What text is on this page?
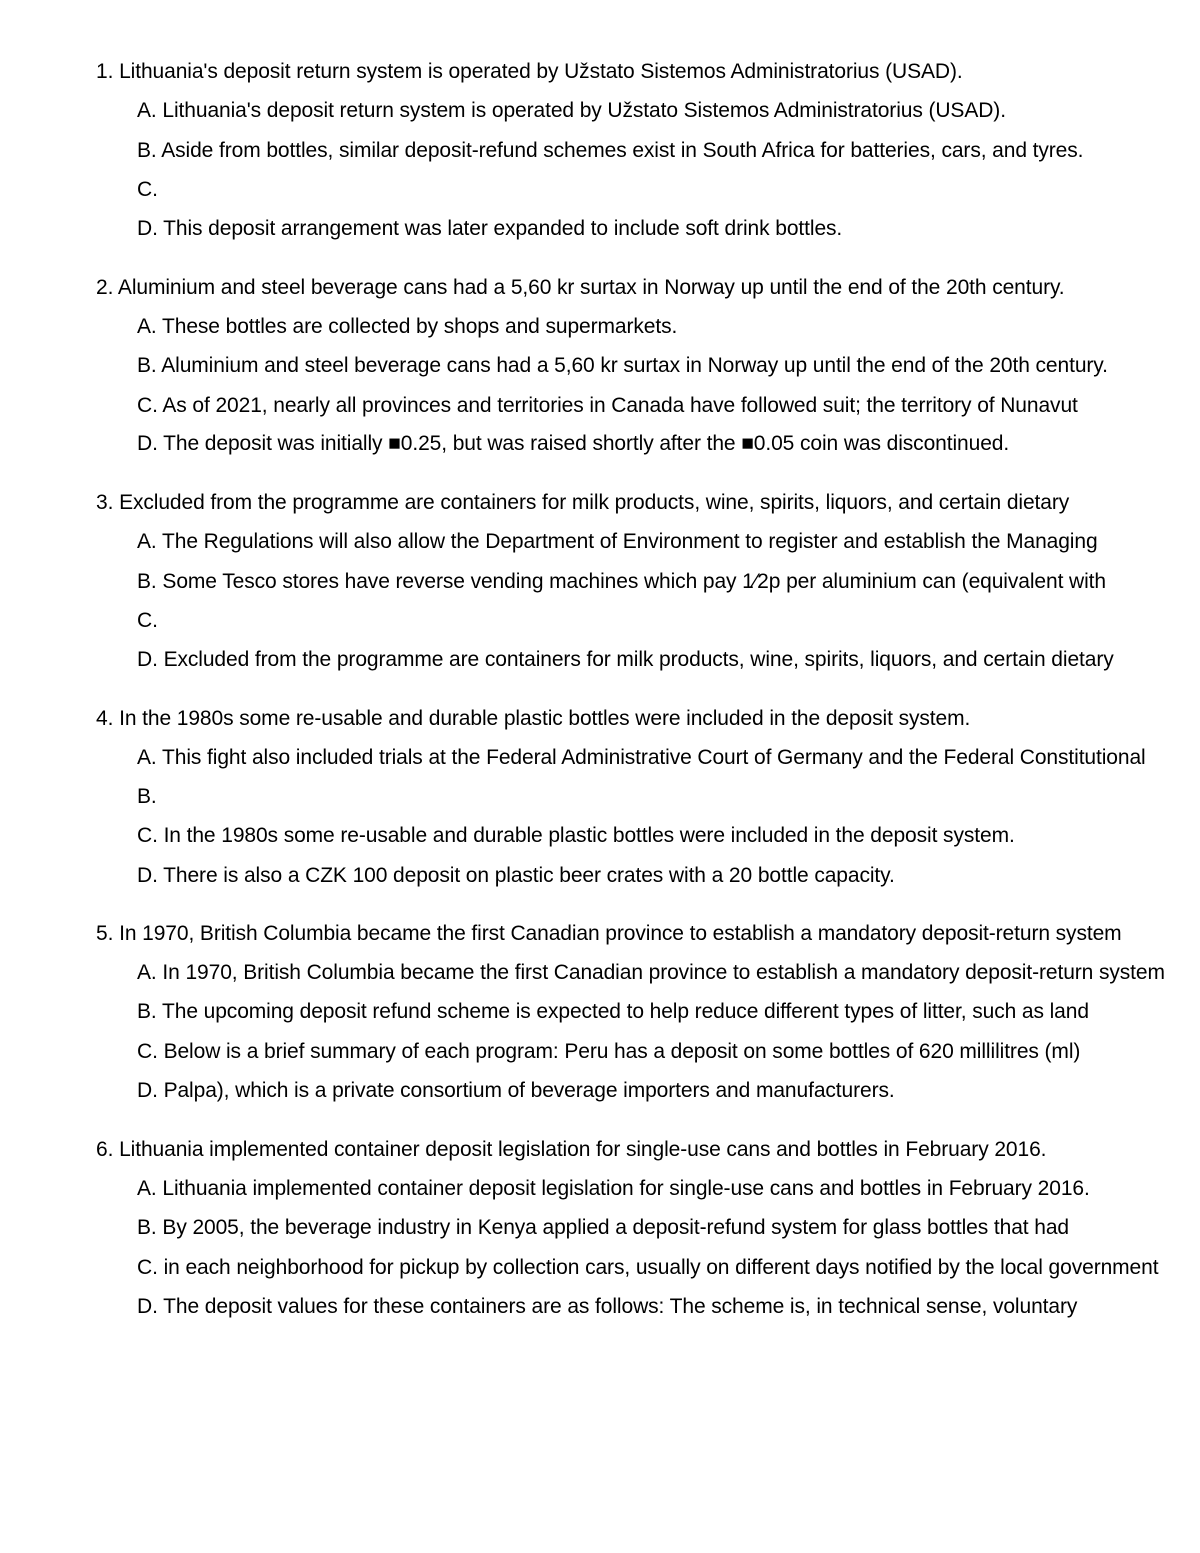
1. Lithuania's deposit return system is operated by Užstato Sistemos Administratorius (USAD).
A. Lithuania's deposit return system is operated by Užstato Sistemos Administratorius (USAD).
B. Aside from bottles, similar deposit-refund schemes exist in South Africa for batteries, cars, and tyres.
C.
D. This deposit arrangement was later expanded to include soft drink bottles.
2. Aluminium and steel beverage cans had a 5,60 kr surtax in Norway up until the end of the 20th century.
A. These bottles are collected by shops and supermarkets.
B. Aluminium and steel beverage cans had a 5,60 kr surtax in Norway up until the end of the 20th century.
C. As of 2021, nearly all provinces and territories in Canada have followed suit; the territory of Nunavut
D. The deposit was initially ■0.25, but was raised shortly after the ■0.05 coin was discontinued.
3. Excluded from the programme are containers for milk products, wine, spirits, liquors, and certain dietary
A. The Regulations will also allow the Department of Environment to register and establish the Managing
B. Some Tesco stores have reverse vending machines which pay 1⁄2p per aluminium can (equivalent with
C.
D. Excluded from the programme are containers for milk products, wine, spirits, liquors, and certain dietary
4. In the 1980s some re-usable and durable plastic bottles were included in the deposit system.
A. This fight also included trials at the Federal Administrative Court of Germany and the Federal Constitutional
B.
C. In the 1980s some re-usable and durable plastic bottles were included in the deposit system.
D. There is also a CZK 100 deposit on plastic beer crates with a 20 bottle capacity.
5. In 1970, British Columbia became the first Canadian province to establish a mandatory deposit-return system
A. In 1970, British Columbia became the first Canadian province to establish a mandatory deposit-return system
B. The upcoming deposit refund scheme is expected to help reduce different types of litter, such as land
C. Below is a brief summary of each program: Peru has a deposit on some bottles of 620 millilitres (ml)
D. Palpa), which is a private consortium of beverage importers and manufacturers.
6. Lithuania implemented container deposit legislation for single-use cans and bottles in February 2016.
A. Lithuania implemented container deposit legislation for single-use cans and bottles in February 2016.
B. By 2005, the beverage industry in Kenya applied a deposit-refund system for glass bottles that had
C. in each neighborhood for pickup by collection cars, usually on different days notified by the local government
D. The deposit values for these containers are as follows: The scheme is, in technical sense, voluntary
